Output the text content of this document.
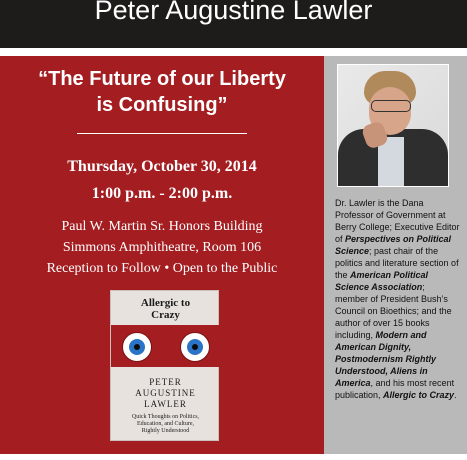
Peter Augustine Lawler
“The Future of our Liberty
is Confusing”
Thursday, October 30, 2014
1:00 p.m. - 2:00 p.m.
Paul W. Martin Sr. Honors Building
Simmons Amphitheatre, Room 106
Reception to Follow • Open to the Public
Allergic to
Crazy
PETER
AUGUSTINE
LAWLER
Quick Thoughts on Politics,
Education, and Culture,
Rightly Understood
Dr. Lawler is the Dana Professor of Government at Berry College; Executive Editor of Perspectives on Political Science; past chair of the politics and literature section of the American Political Science Association; member of President Bush’s Council on Bioethics; and the author of over 15 books including, Modern and American Dignity, Postmodernism Rightly Understood, Aliens in America, and his most recent publication, Allergic to Crazy.
